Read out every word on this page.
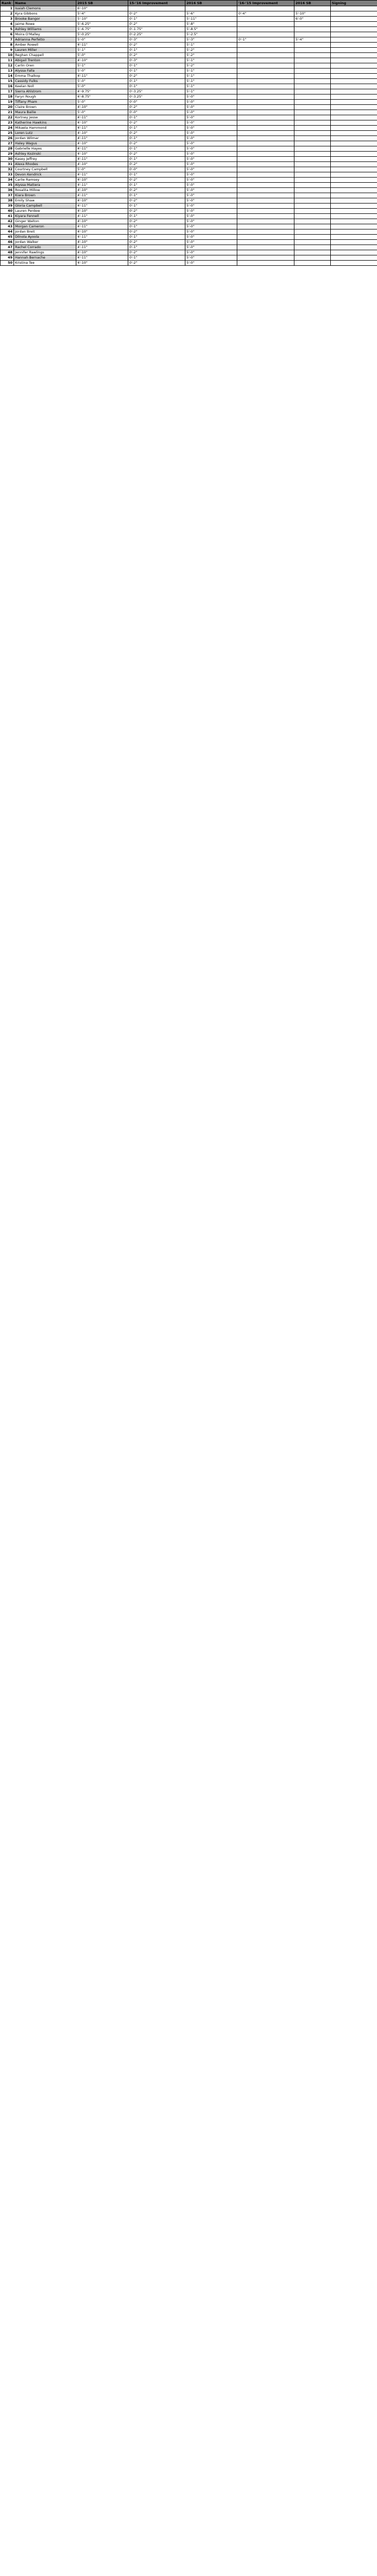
Rank	Name	2015 SB	15-'16 Improvement	2016 SB	'16-'15 Improvement	2016 SB	Signing
1	Isaiah Clemons	6'-10"					
2	Kyra Gibbons	5'-4"	0'-2"	5'-6"	0'-4"	5'-10"	
3	Brooke Bangor	5'-10"	0'-1"	5'-11"		6'-0"	
4	Jaime Rowe	5'-6.25"	0'-2"	5'-8"			
5	Ashley Williams	5'-6.75"	0'-1.75"	5'-8.5"			
6	Moira O'Malley	5'-0.25"	0'-2.25"	5'-2.5"			
7	Adrianna Perfetto	5'-0"	0'-3"	5'-3"	0'-1"	5'-4"	
8	Amber Rowell	4'-11"	0'-2"	5'-1"			
9	Lauren Miller	5'-1"	0'-1"	5'-2"			
10	Reghan Chappell	5'-0"	0'-2"	5'-2"			
11	Abigail Trenton	4'-10"	0'-3"	5'-1"			
12	Carlin Oren	5'-1"	0'-1"	5'-2"			
13	Alyssa Falla	5'-0"	0'-1"	5'-1"			
14	Emma Thalkop	4'-11"	0'-2"	5'-1"			
15	Cassidy Fulks	5'-0"	0'-1"	5'-1"			
16	Keelan Noll	5'-0"	0'-1"	5'-1"			
17	Sierra Ahlstrom	4'-9.75"	0'-3.25"	5'-1"			
18	Faryn Rough	4'-8.75"	0'-3.25"	5'-0"			
19	Tiffany Pham	5'-0"	0'-0"	5'-0"			
20	Claire Brown	4'-10"	0'-2"	5'-0"			
21	Maura Bailie	5'-0"	0'-0"	5'-0"			
22	Kortney Jesse	4'-11"	0'-1"	5'-0"			
23	Katherine Hawkins	4'-10"	0'-2"	5'-0"			
24	Mikaela Hammond	4'-11"	0'-1"	5'-0"			
25	Loren Lutz	4'-10"	0'-2"	5'-0"			
26	Jordan Wilmar	4'-11"	0'-1"	5'-0"			
27	Haley Wagus	4'-10"	0'-2"	5'-0"			
28	Gabrielle Hayes	4'-11"	0'-1"	5'-0"			
29	Ashley Kozinski	4'-10"	0'-2"	5'-0"			
30	Kasey Jeffrey	4'-11"	0'-1"	5'-0"			
31	Alexa Rhodes	4'-10"	0'-2"	5'-0"			
32	Courtney Campbell	5'-0"	0'-0"	5'-0"			
33	Devon Kendrick	4'-11"	0'-1"	5'-0"			
34	Carlie Ramsey	4'-10"	0'-2"	5'-0"			
35	Alyssa Mattera	4'-11"	0'-1"	5'-0"			
36	Rosalita Millow	4'-10"	0'-2"	5'-0"			
37	Kiara Brown	4'-11"	0'-1"	5'-0"			
38	Emily Shaw	4'-10"	0'-2"	5'-0"			
39	Gloria Campbell	4'-11"	0'-1"	5'-0"			
40	Lauren Perdew	4'-10"	0'-2"	5'-0"			
41	Kiyara Fennell	4'-11"	0'-1"	5'-0"			
42	Ginger Walton	4'-10"	0'-2"	5'-0"			
43	Morgan Cameron	4'-11"	0'-1"	5'-0"			
44	Jordan Breit	4'-10"	0'-2"	5'-0"			
45	Dilnola Ayoola	4'-11"	0'-1"	5'-0"			
46	Jordan Walker	4'-10"	0'-2"	5'-0"			
47	Rachel Corrado	4'-11"	0'-1"	5'-0"			
48	Jennifer Rawlings	4'-10"	0'-2"	5'-0"			
49	Hannah Bernache	4'-11"	0'-1"	5'-0"			
50	Kristina Tee	4'-10"	0'-2"	5'-0"			
